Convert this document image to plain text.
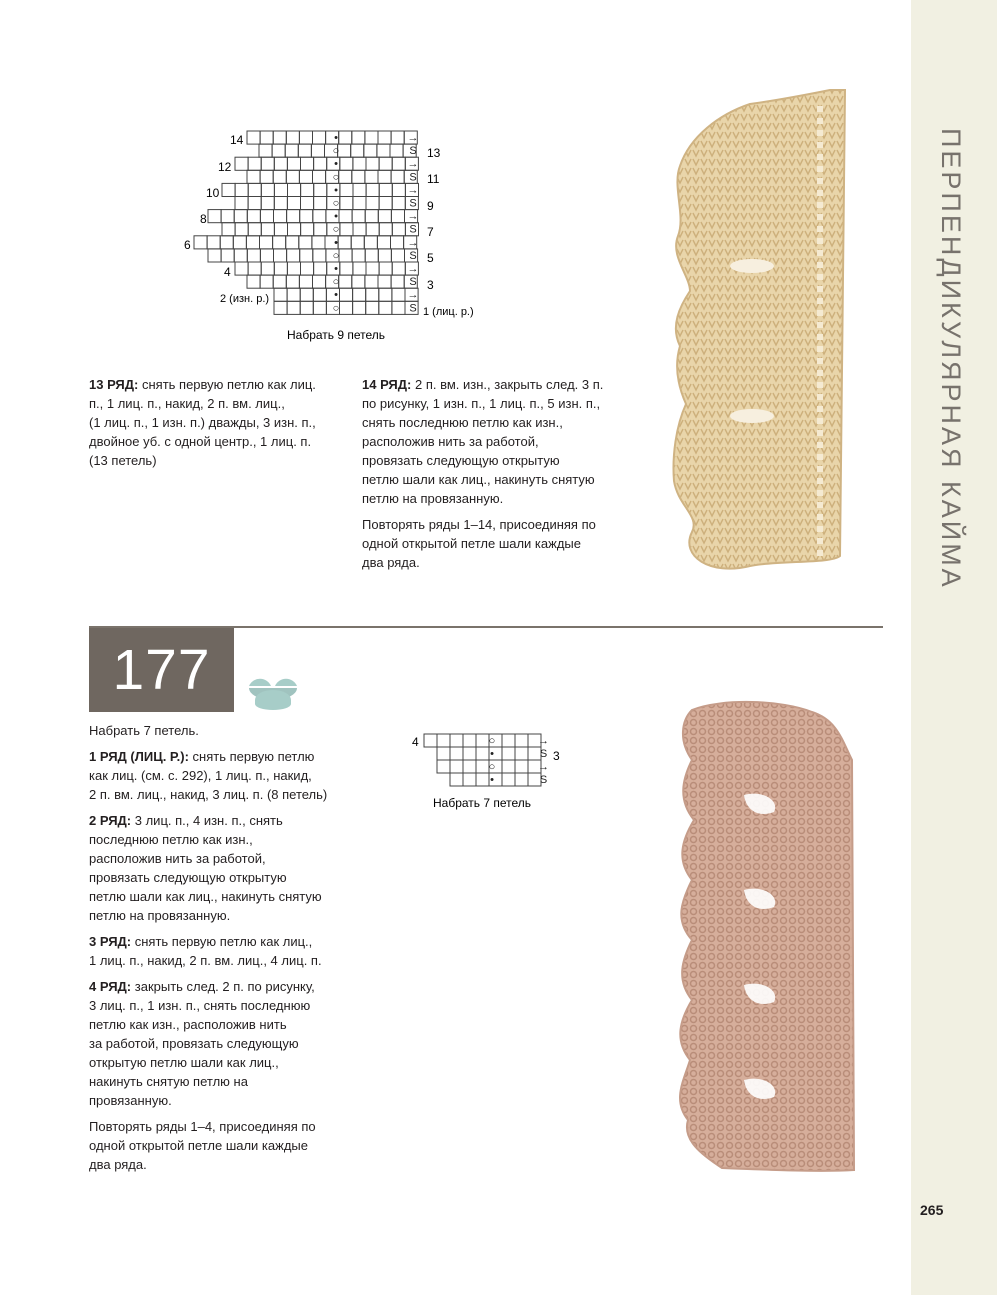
ПЕРПЕНДИКУЛЯРНАЯ КАЙМА
→
•
S
○
→
•
S
○
→
•
S
○
→
•
S
○
→
•
S
○
→
•
S
○
→
•
S
○
→
○
S
•
→
○
S
•
14
12
10
8
6
4
2 (изн. р.)
13
11
9
7
5
3
1 (лиц. р.)
Набрать 9 петель
4
3
Набрать 7 петель
13 РЯД: снять первую петлю как лиц.
п., 1 лиц. п., накид, 2 п. вм. лиц.,
(1 лиц. п., 1 изн. п.) дважды, 3 изн. п.,
двойное уб. с одной центр., 1 лиц. п.
(13 петель)

14 РЯД: 2 п. вм. изн., закрыть след. 3 п.
по рисунку, 1 изн. п., 1 лиц. п., 5 изн. п.,
снять последнюю петлю как изн.,
расположив нить за работой,
провязать следующую открытую
петлю шали как лиц., накинуть снятую
петлю на провязанную.

Повторять ряды 1–14, присоединяя по
одной открытой петле шали каждые
два ряда.

177

Набрать 7 петель.

1 РЯД (ЛИЦ. Р.): снять первую петлю
как лиц. (см. с. 292), 1 лиц. п., накид,
2 п. вм. лиц., накид, 3 лиц. п. (8 петель)

2 РЯД: 3 лиц. п., 4 изн. п., снять
последнюю петлю как изн.,
расположив нить за работой,
провязать следующую открытую
петлю шали как лиц., накинуть снятую
петлю на провязанную.

3 РЯД: снять первую петлю как лиц.,
1 лиц. п., накид, 2 п. вм. лиц., 4 лиц. п.

4 РЯД: закрыть след. 2 п. по рисунку,
3 лиц. п., 1 изн. п., снять последнюю
петлю как изн., расположив нить
за работой, провязать следующую
открытую петлю шали как лиц.,
накинуть снятую петлю на
провязанную.

Повторять ряды 1–4, присоединяя по
одной открытой петле шали каждые
два ряда.

265
